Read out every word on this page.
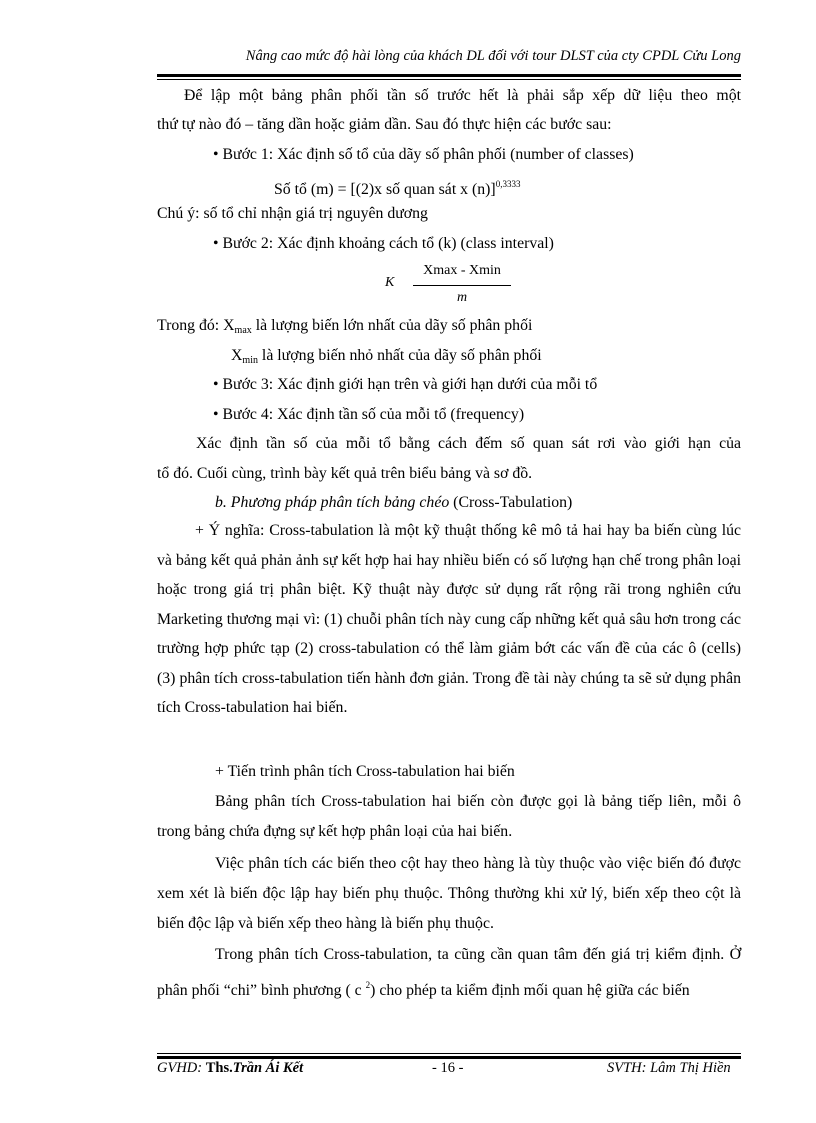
Nâng cao mức độ hài lòng của khách DL đối với tour DLST của cty CPDL Cửu Long
Để lập một bảng phân phối tần số trước hết là phải sắp xếp dữ liệu theo một
thứ tự nào đó – tăng dần hoặc giảm dần. Sau đó thực hiện các bước sau:
• Bước 1: Xác định số tổ của dãy số phân phối (number of classes)
Số tổ (m) = [(2)x số quan sát x (n)]$^{0,3333}$
Chú ý: số tổ chỉ nhận giá trị nguyên dương
• Bước 2: Xác định khoảng cách tổ (k) (class interval)
K
Xmax - Xmin
m
Trong đó: $X_{max}$ là lượng biến lớn nhất của dãy số phân phối
$X_{min}$ là lượng biến nhỏ nhất của dãy số phân phối
• Bước 3: Xác định giới hạn trên và giới hạn dưới của mỗi tổ
• Bước 4: Xác định tần số của mỗi tổ (frequency)
Xác định tần số của mỗi tổ bằng cách đếm số quan sát rơi vào giới hạn của
tổ đó. Cuối cùng, trình bày kết quả trên biểu bảng và sơ đồ.
b. Phương pháp phân tích bảng chéo (Cross-Tabulation)

+ Ý nghĩa: Cross-tabulation là một kỹ thuật thống kê mô tả hai hay ba biến cùng lúc và bảng kết quả phản ảnh sự kết hợp hai hay nhiều biến có số lượng hạn chế trong phân loại hoặc trong giá trị phân biệt. Kỹ thuật này được sử dụng rất rộng rãi trong nghiên cứu Marketing thương mại vì: (1) chuỗi phân tích này cung cấp những kết quả sâu hơn trong các trường hợp phức tạp (2) cross-tabulation có thể làm giảm bớt các vấn đề của các ô (cells) (3) phân tích cross-tabulation tiến hành đơn giản. Trong đề tài này chúng ta sẽ sử dụng phân tích Cross-tabulation hai biến.

+ Tiến trình phân tích Cross-tabulation hai biến

Bảng phân tích Cross-tabulation hai biến còn được gọi là bảng tiếp liên, mỗi ô trong bảng chứa đựng sự kết hợp phân loại của hai biến.

Việc phân tích các biến theo cột hay theo hàng là tùy thuộc vào việc biến đó được xem xét là biến độc lập hay biến phụ thuộc. Thông thường khi xử lý, biến xếp theo cột là biến độc lập và biến xếp theo hàng là biến phụ thuộc.

Trong phân tích Cross-tabulation, ta cũng cần quan tâm đến giá trị kiểm định. Ở phân phối “chi” bình phương ( c $^2$) cho phép ta kiểm định mối quan hệ giữa các biến

GVHD: Ths.Trần Ái Kết	- 16 -	SVTH: Lâm Thị Hiền
